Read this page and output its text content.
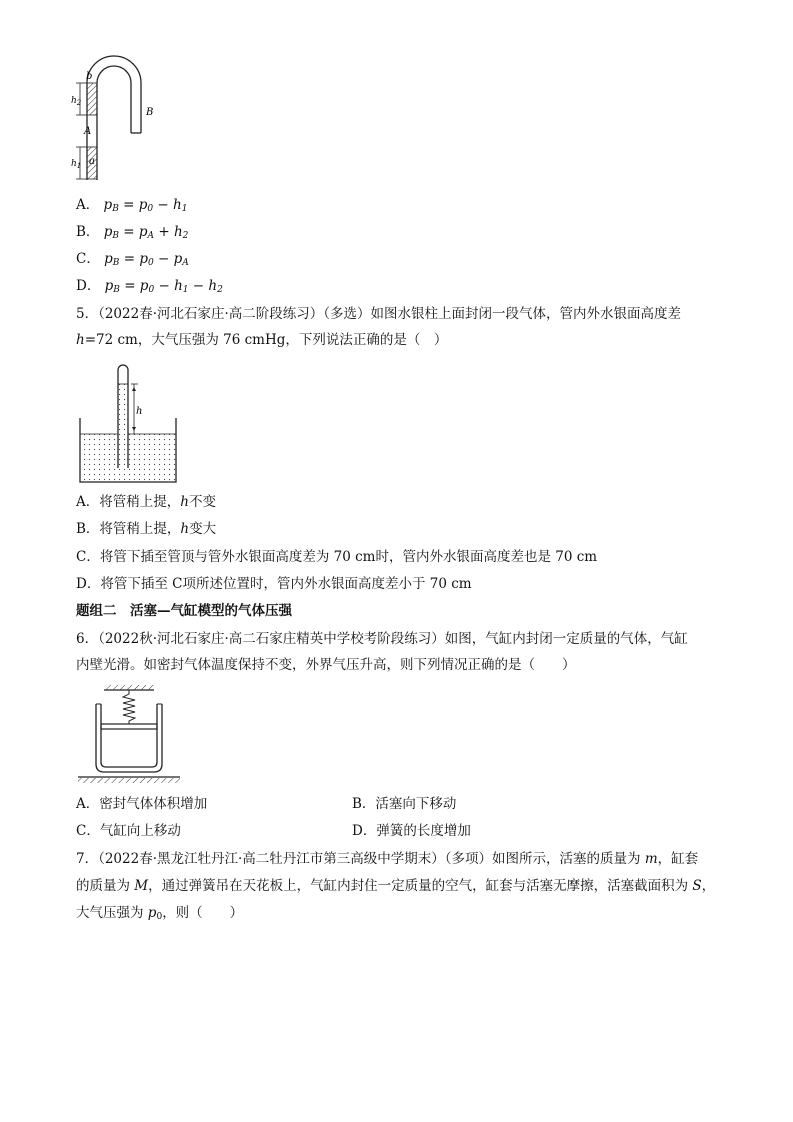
b
$h_2$
A
$h_1$ a
B
A． $p_B = p_0 - h_1$
B． $p_B = p_A + h_2$
C． $p_B = p_0 - p_A$
D． $p_B = p_0 - h_1 - h_2$
5．（2022春·河北石家庄·高二阶段练习）（多选）如图水银柱上面封闭一段气体，管内外水银面高度差
h=72 cm，大气压强为 76 cmHg，下列说法正确的是（　）
h
A．将管稍上提，h不变
B．将管稍上提，h变大
C．将管下插至管顶与管外水银面高度差为 70 cm时，管内外水银面高度差也是 70 cm
D．将管下插至 C项所述位置时，管内外水银面高度差小于 70 cm
题组二　活塞—气缸模型的气体压强
6．（2022秋·河北石家庄·高二石家庄精英中学校考阶段练习）如图，气缸内封闭一定质量的气体，气缸
内壁光滑。如密封气体温度保持不变，外界气压升高，则下列情况正确的是（　　）
A．密封气体体积增加	B．活塞向下移动
C．气缸向上移动	D．弹簧的长度增加
7．（2022春·黑龙江牡丹江·高二牡丹江市第三高级中学期末）（多项）如图所示，活塞的质量为 m，缸套
的质量为 M，通过弹簧吊在天花板上，气缸内封住一定质量的空气，缸套与活塞无摩擦，活塞截面积为 S，
大气压强为 $p_0$，则（　　）
